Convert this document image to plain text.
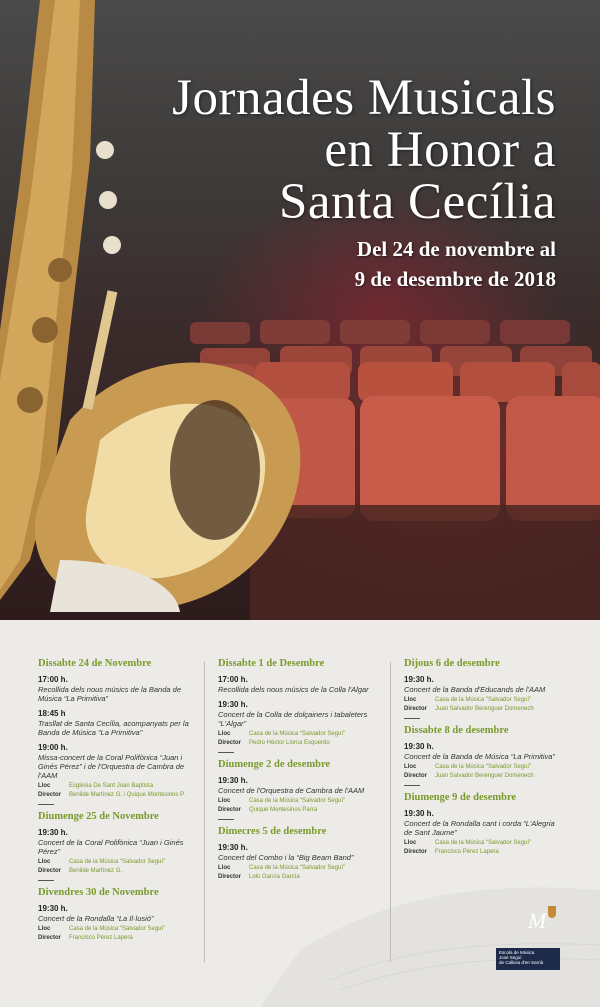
Jornades Musicals
en Honor a
Santa Cecília
Del 24 de novembre al
9 de desembre de 2018
Dissabte 24 de Novembre
17:00 h.
Recollida dels nous músics de la Banda de Música “La Primitiva”
18:45 h
Trasllat de Santa Cecília, acompanyats per la Banda de Música “La Primitiva”
19:00 h.
Missa-concert de la Coral Polifònica “Juan i Ginés Pérez” i de l'Orquestra de Cambra de l'AAM
Lloc	Esglèsia De Sant Joan Baptista
Director Benilde Martínez G. i Quique Montesinos P.
Diumenge 25 de Novembre
19:30 h.
Concert de la Coral Polifònica “Juan i Ginés Pérez”
Lloc	Casa de la Música “Salvador Seguí”
Director Benilde Martínez G.
Divendres 30 de Novembre
19:30 h.
Concert de la Rondalla “La Il·lusió”
Lloc	Casa de la Música “Salvador Seguí”
Director Francisco Pérez Lapera
Dissabte 1 de Desembre
17:00 h.
Recollida dels nous músics de la Colla l'Algar
19:30 h.
Concert de la Colla de dolçainers i tabaleters “L'Algar”
Lloc	Casa de la Música “Salvador Seguí”
Director Pedro Héctor Llorca Esquerdo
Diumenge 2 de desembre
19:30 h.
Concert de l'Orquestra de Cambra de l'AAM
Lloc	Casa de la Música “Salvador Seguí”
Director Quique Montesinos Parra
Dimecres 5 de desembre
19:30 h.
Concert del Combo i la “Big Beam Band”
Lloc	Casa de la Música “Salvador Seguí”
Director Lolo García García
Dijous 6 de desembre
19:30 h.
Concert de la Banda d'Educands de l'AAM
Lloc	Casa de la Música “Salvador Seguí”
Director Juan Salvador Berenguer Domenech
Dissabte 8 de desembre
19:30 h.
Concert de la Banda de Música “La Primitiva”
Lloc	Casa de la Música “Salvador Seguí”
Director Juan Salvador Berenguer Domenech
Diumenge 9 de desembre
19:30 h.
Concert de la Rondalla cant i corda “L'Alegria de Sant Jaume”
Lloc	Casa de la Música “Salvador Seguí”
Director Francisco Pérez Lapera
M
Escola de Música
José Seguí
de Callosa d'en Sarrià
